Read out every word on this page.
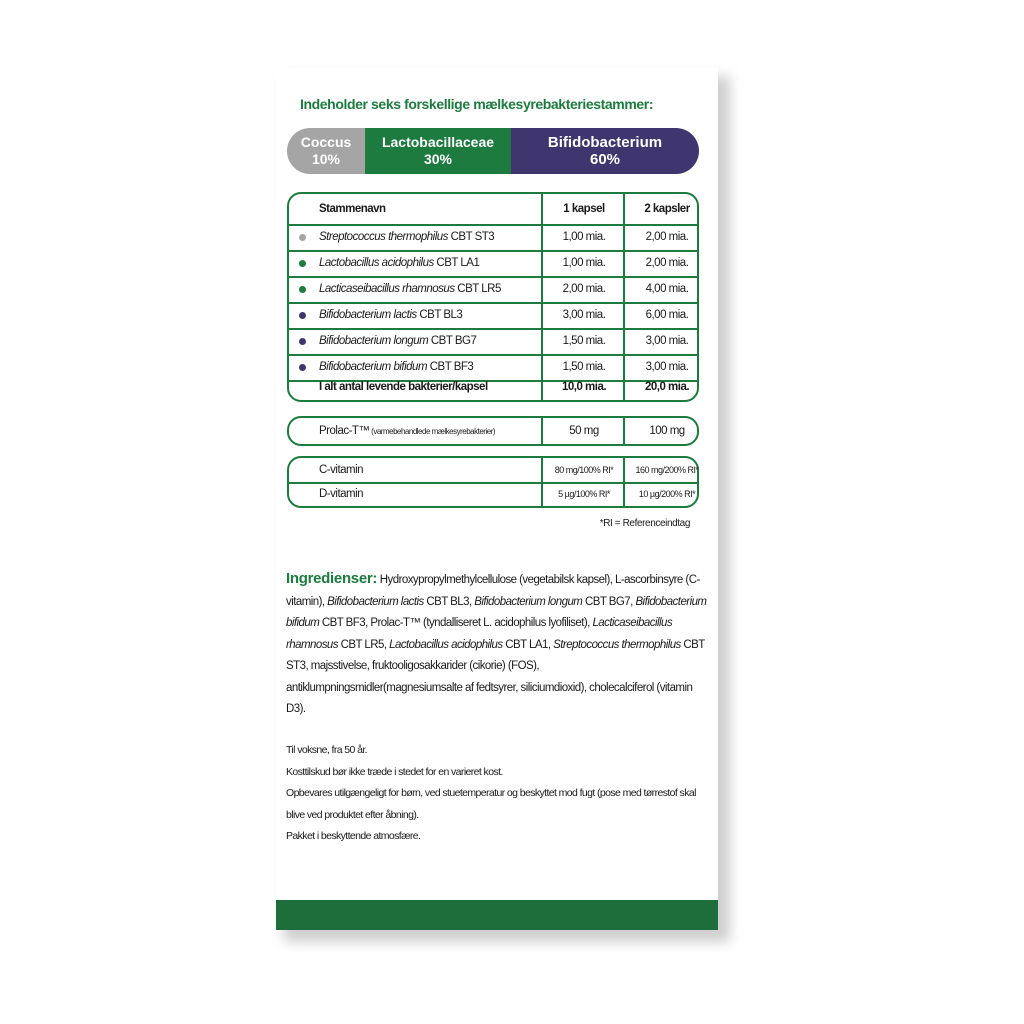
Indeholder seks forskellige mælkesyrebakteriestammer:
Coccus
10%
Lactobacillaceae
30%
Bifidobacterium
60%
Stammenavn	1 kapsel	2 kapsler
Streptococcus thermophilus CBT ST3	1,00 mia.	2,00 mia.
Lactobacillus acidophilus CBT LA1	1,00 mia.	2,00 mia.
Lacticaseibacillus rhamnosus CBT LR5	2,00 mia.	4,00 mia.
Bifidobacterium lactis CBT BL3	3,00 mia.	6,00 mia.
Bifidobacterium longum CBT BG7	1,50 mia.	3,00 mia.
Bifidobacterium bifidum CBT BF3	1,50 mia.	3,00 mia.
I alt antal levende bakterier/kapsel	10,0 mia.	20,0 mia.
Prolac-T™ (varmebehandlede mælkesyrebakterier)	50 mg	100 mg
C-vitamin	80 mg/100% RI*	160 mg/200% RI*
D-vitamin	5 µg/100% RI*	10 µg/200% RI*
*RI = Referenceindtag
Ingredienser: Hydroxypropylmethylcellulose (vegetabilsk kapsel), L-ascorbinsyre (C-vitamin), Bifidobacterium lactis CBT BL3, Bifidobacterium longum CBT BG7, Bifidobacterium bifidum CBT BF3, Prolac-T™ (tyndalliseret L. acidophilus lyofiliset), Lacticaseibacillus rhamnosus CBT LR5, Lactobacillus acidophilus CBT LA1, Streptococcus thermophilus CBT ST3, majsstivelse, fruktooligosakkarider (cikorie) (FOS), antiklumpningsmidler(magnesiumsalte af fedtsyrer, siliciumdioxid), cholecalciferol (vitamin D3).
Til voksne, fra 50 år.
Kosttilskud bør ikke træde i stedet for en varieret kost.
Opbevares utilgængeligt for børn, ved stuetemperatur og beskyttet mod fugt (pose med tørrestof skal blive ved produktet efter åbning).
Pakket i beskyttende atmosfære.
